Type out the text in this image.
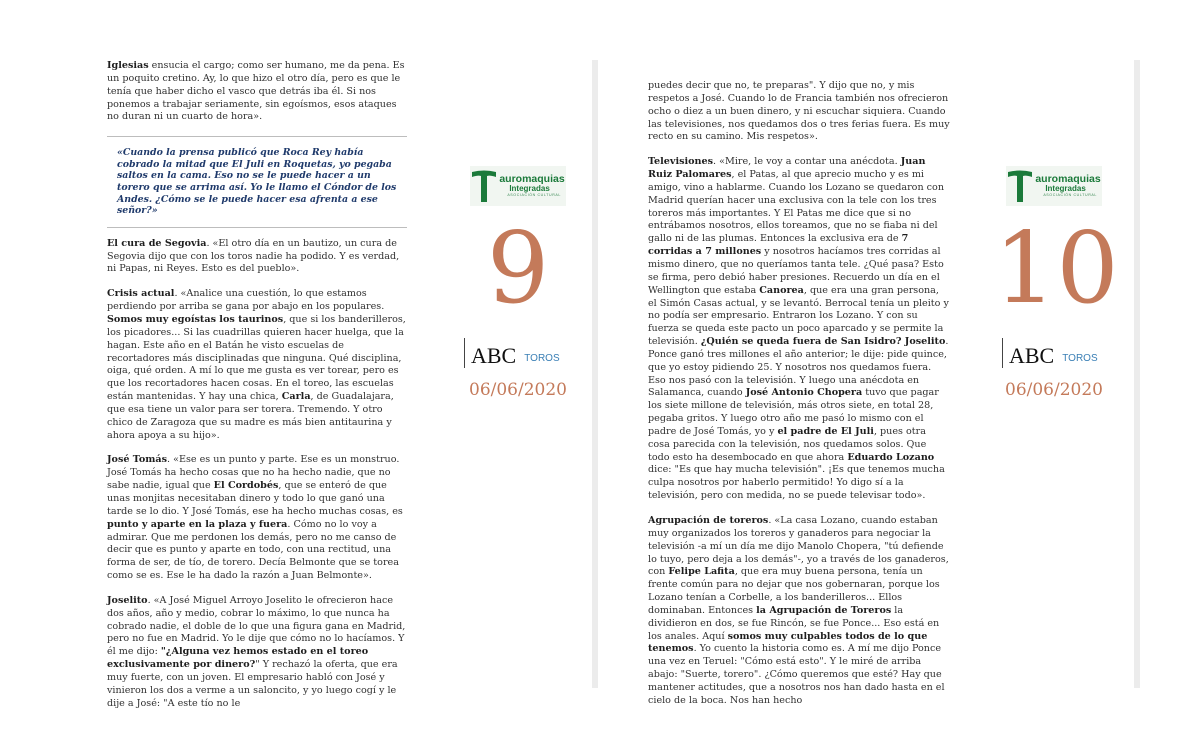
Iglesias ensucia el cargo; como ser humano, me da pena. Es un poquito cretino. Ay, lo que hizo el otro día, pero es que le tenía que haber dicho el vasco que detrás iba él. Si nos ponemos a trabajar seriamente, sin egoísmos, esos ataques no duran ni un cuarto de hora».

«Cuando la prensa publicó que Roca Rey había cobrado la mitad que El Juli en Roquetas, yo pegaba saltos en la cama. Eso no se le puede hacer a un torero que se arrima así. Yo le llamo el Cóndor de los Andes. ¿Cómo se le puede hacer esa afrenta a ese señor?»

El cura de Segovia. «El otro día en un bautizo, un cura de Segovia dijo que con los toros nadie ha podido. Y es verdad, ni Papas, ni Reyes. Esto es del pueblo».

Crisis actual. «Analice una cuestión, lo que estamos perdiendo por arriba se gana por abajo en los populares. Somos muy egoístas los taurinos, que si los banderilleros, los picadores... Si las cuadrillas quieren hacer huelga, que la hagan. Este año en el Batán he visto escuelas de recortadores más disciplinadas que ninguna. Qué disciplina, oiga, qué orden. A mí lo que me gusta es ver torear, pero es que los recortadores hacen cosas. En el toreo, las escuelas están mantenidas. Y hay una chica, Carla, de Guadalajara, que esa tiene un valor para ser torera. Tremendo. Y otro chico de Zaragoza que su madre es más bien antitaurina y ahora apoya a su hijo».

José Tomás. «Ese es un punto y parte. Ese es un monstruo. José Tomás ha hecho cosas que no ha hecho nadie, que no sabe nadie, igual que El Cordobés, que se enteró de que unas monjitas necesitaban dinero y todo lo que ganó una tarde se lo dio. Y José Tomás, ese ha hecho muchas cosas, es punto y aparte en la plaza y fuera. Cómo no lo voy a admirar. Que me perdonen los demás, pero no me canso de decir que es punto y aparte en todo, con una rectitud, una forma de ser, de tío, de torero. Decía Belmonte que se torea como se es. Ese le ha dado la razón a Juan Belmonte».

Joselito. «A José Miguel Arroyo Joselito le ofrecieron hace dos años, año y medio, cobrar lo máximo, lo que nunca ha cobrado nadie, el doble de lo que una figura gana en Madrid, pero no fue en Madrid. Yo le dije que cómo no lo hacíamos. Y él me dijo: "¿Alguna vez hemos estado en el toreo exclusivamente por dinero?" Y rechazó la oferta, que era muy fuerte, con un joven. El empresario habló con José y vinieron los dos a verme a un saloncito, y yo luego cogí y le dije a José: "A este tío no le

auromaquias
Integradas
ASOCIACIÓN CULTURAL
9
ABC TOROS
06/06/2020

puedes decir que no, te preparas". Y dijo que no, y mis respetos a José. Cuando lo de Francia también nos ofrecieron ocho o diez a un buen dinero, y ni escuchar siquiera. Cuando las televisiones, nos quedamos dos o tres ferias fuera. Es muy recto en su camino. Mis respetos».

Televisiones. «Mire, le voy a contar una anécdota. Juan Ruiz Palomares, el Patas, al que aprecio mucho y es mi amigo, vino a hablarme. Cuando los Lozano se quedaron con Madrid querían hacer una exclusiva con la tele con los tres toreros más importantes. Y El Patas me dice que si no entrábamos nosotros, ellos toreamos, que no se fiaba ni del gallo ni de las plumas. Entonces la exclusiva era de 7 corridas a 7 millones y nosotros hacíamos tres corridas al mismo dinero, que no queríamos tanta tele. ¿Qué pasa? Esto se firma, pero debió haber presiones. Recuerdo un día en el Wellington que estaba Canorea, que era una gran persona, el Simón Casas actual, y se levantó. Berrocal tenía un pleito y no podía ser empresario. Entraron los Lozano. Y con su fuerza se queda este pacto un poco aparcado y se permite la televisión. ¿Quién se queda fuera de San Isidro? Joselito. Ponce ganó tres millones el año anterior; le dije: pide quince, que yo estoy pidiendo 25. Y nosotros nos quedamos fuera. Eso nos pasó con la televisión. Y luego una anécdota en Salamanca, cuando José Antonio Chopera tuvo que pagar los siete millone de televisión, más otros siete, en total 28, pegaba gritos. Y luego otro año me pasó lo mismo con el padre de José Tomás, yo y el padre de El Juli, pues otra cosa parecida con la televisión, nos quedamos solos. Que todo esto ha desembocado en que ahora Eduardo Lozano dice: "Es que hay mucha televisión". ¡Es que tenemos mucha culpa nosotros por haberlo permitido! Yo digo sí a la televisión, pero con medida, no se puede televisar todo».

Agrupación de toreros. «La casa Lozano, cuando estaban muy organizados los toreros y ganaderos para negociar la televisión -a mí un día me dijo Manolo Chopera, "tú defiende lo tuyo, pero deja a los demás"-, yo a través de los ganaderos, con Felipe Lafita, que era muy buena persona, tenía un frente común para no dejar que nos gobernaran, porque los Lozano tenían a Corbelle, a los banderilleros... Ellos dominaban. Entonces la Agrupación de Toreros la dividieron en dos, se fue Rincón, se fue Ponce... Eso está en los anales. Aquí somos muy culpables todos de lo que tenemos. Yo cuento la historia como es. A mí me dijo Ponce una vez en Teruel: "Cómo está esto". Y le miré de arriba abajo: "Suerte, torero". ¿Cómo queremos que esté? Hay que mantener actitudes, que a nosotros nos han dado hasta en el cielo de la boca. Nos han hecho

auromaquias
Integradas
ASOCIACIÓN CULTURAL
10
ABC TOROS
06/06/2020
